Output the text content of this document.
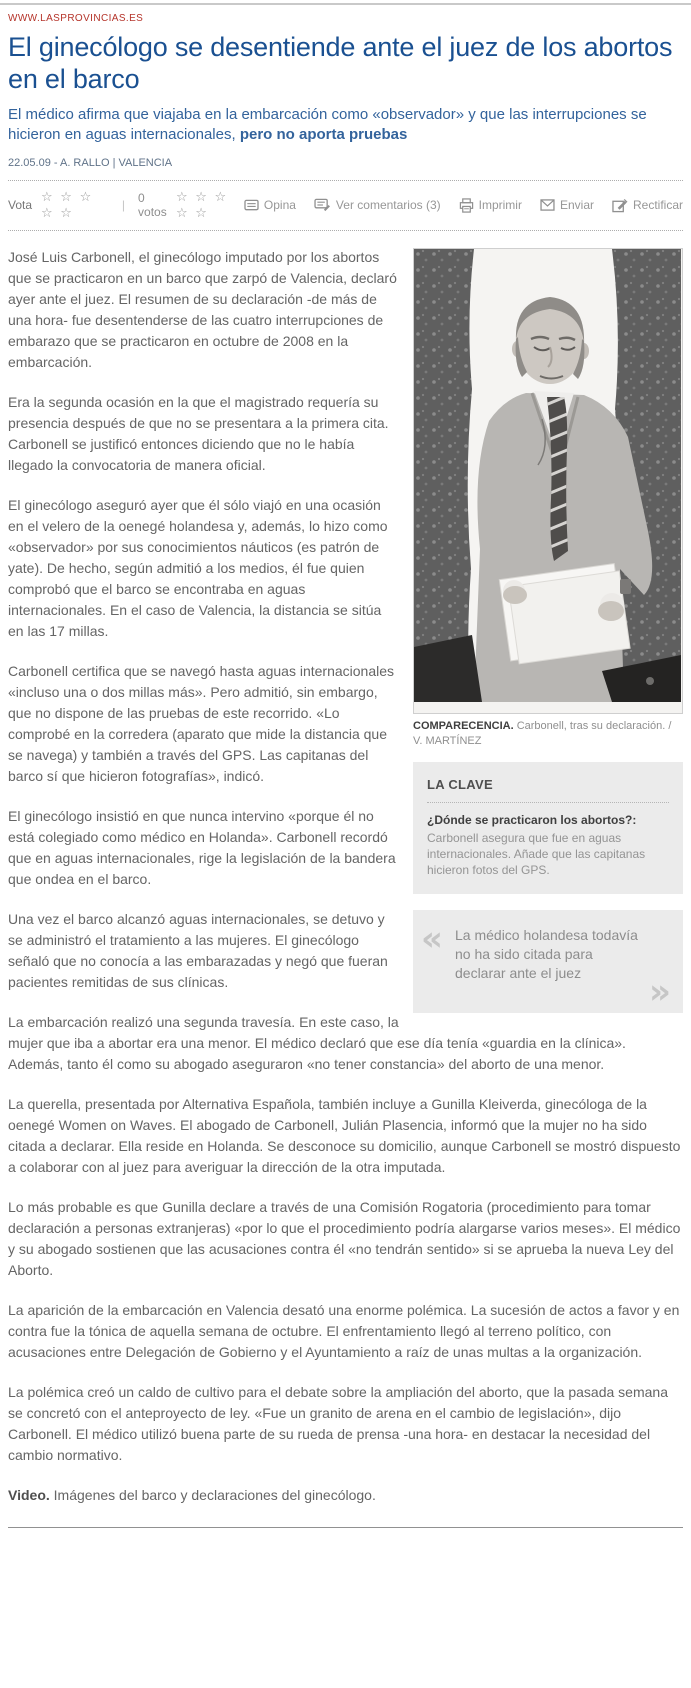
WWW.LASPROVINCIAS.ES
El ginecólogo se desentiende ante el juez de los abortos en el barco
El médico afirma que viajaba en la embarcación como «observador» y que las interrupciones se hicieron en aguas internacionales, pero no aporta pruebas
22.05.09 - A. RALLO | VALENCIA
Vota
☆ ☆ ☆ ☆ ☆	|	0 votos
☆ ☆ ☆ ☆ ☆	Opina	Ver comentarios (3)	Imprimir	Enviar	Rectificar
COMPARECENCIA. Carbonell, tras su declaración. / V. MARTÍNEZ
LA CLAVE
¿Dónde se practicaron los abortos?:
Carbonell asegura que fue en aguas internacionales. Añade que las capitanas hicieron fotos del GPS.
« La médico holandesa todavía no ha sido citada para declarar ante el juez	»

José Luis Carbonell, el ginecólogo imputado por los abortos que se practicaron en un barco que zarpó de Valencia, declaró ayer ante el juez. El resumen de su declaración -de más de una hora- fue desentenderse de las cuatro interrupciones de embarazo que se practicaron en octubre de 2008 en la embarcación.

Era la segunda ocasión en la que el magistrado requería su presencia después de que no se presentara a la primera cita. Carbonell se justificó entonces diciendo que no le había llegado la convocatoria de manera oficial.

El ginecólogo aseguró ayer que él sólo viajó en una ocasión en el velero de la oenegé holandesa y, además, lo hizo como «observador» por sus conocimientos náuticos (es patrón de yate). De hecho, según admitió a los medios, él fue quien comprobó que el barco se encontraba en aguas internacionales. En el caso de Valencia, la distancia se sitúa en las 17 millas.

Carbonell certifica que se navegó hasta aguas internacionales «incluso una o dos millas más». Pero admitió, sin embargo, que no dispone de las pruebas de este recorrido. «Lo comprobé en la corredera (aparato que mide la distancia que se navega) y también a través del GPS. Las capitanas del barco sí que hicieron fotografías», indicó.

El ginecólogo insistió en que nunca intervino «porque él no está colegiado como médico en Holanda». Carbonell recordó que en aguas internacionales, rige la legislación de la bandera que ondea en el barco.

Una vez el barco alcanzó aguas internacionales, se detuvo y se administró el tratamiento a las mujeres. El ginecólogo señaló que no conocía a las embarazadas y negó que fueran pacientes remitidas de sus clínicas.

La embarcación realizó una segunda travesía. En este caso, la mujer que iba a abortar era una menor. El médico declaró que ese día tenía «guardia en la clínica». Además, tanto él como su abogado aseguraron «no tener constancia» del aborto de una menor.

La querella, presentada por Alternativa Española, también incluye a Gunilla Kleiverda, ginecóloga de la oenegé Women on Waves. El abogado de Carbonell, Julián Plasencia, informó que la mujer no ha sido citada a declarar. Ella reside en Holanda. Se desconoce su domicilio, aunque Carbonell se mostró dispuesto a colaborar con al juez para averiguar la dirección de la otra imputada.

Lo más probable es que Gunilla declare a través de una Comisión Rogatoria (procedimiento para tomar declaración a personas extranjeras) «por lo que el procedimiento podría alargarse varios meses». El médico y su abogado sostienen que las acusaciones contra él «no tendrán sentido» si se aprueba la nueva Ley del Aborto.

La aparición de la embarcación en Valencia desató una enorme polémica. La sucesión de actos a favor y en contra fue la tónica de aquella semana de octubre. El enfrentamiento llegó al terreno político, con acusaciones entre Delegación de Gobierno y el Ayuntamiento a raíz de unas multas a la organización.

La polémica creó un caldo de cultivo para el debate sobre la ampliación del aborto, que la pasada semana se concretó con el anteproyecto de ley. «Fue un granito de arena en el cambio de legislación», dijo Carbonell. El médico utilizó buena parte de su rueda de prensa -una hora- en destacar la necesidad del cambio normativo.

Video. Imágenes del barco y declaraciones del ginecólogo.
